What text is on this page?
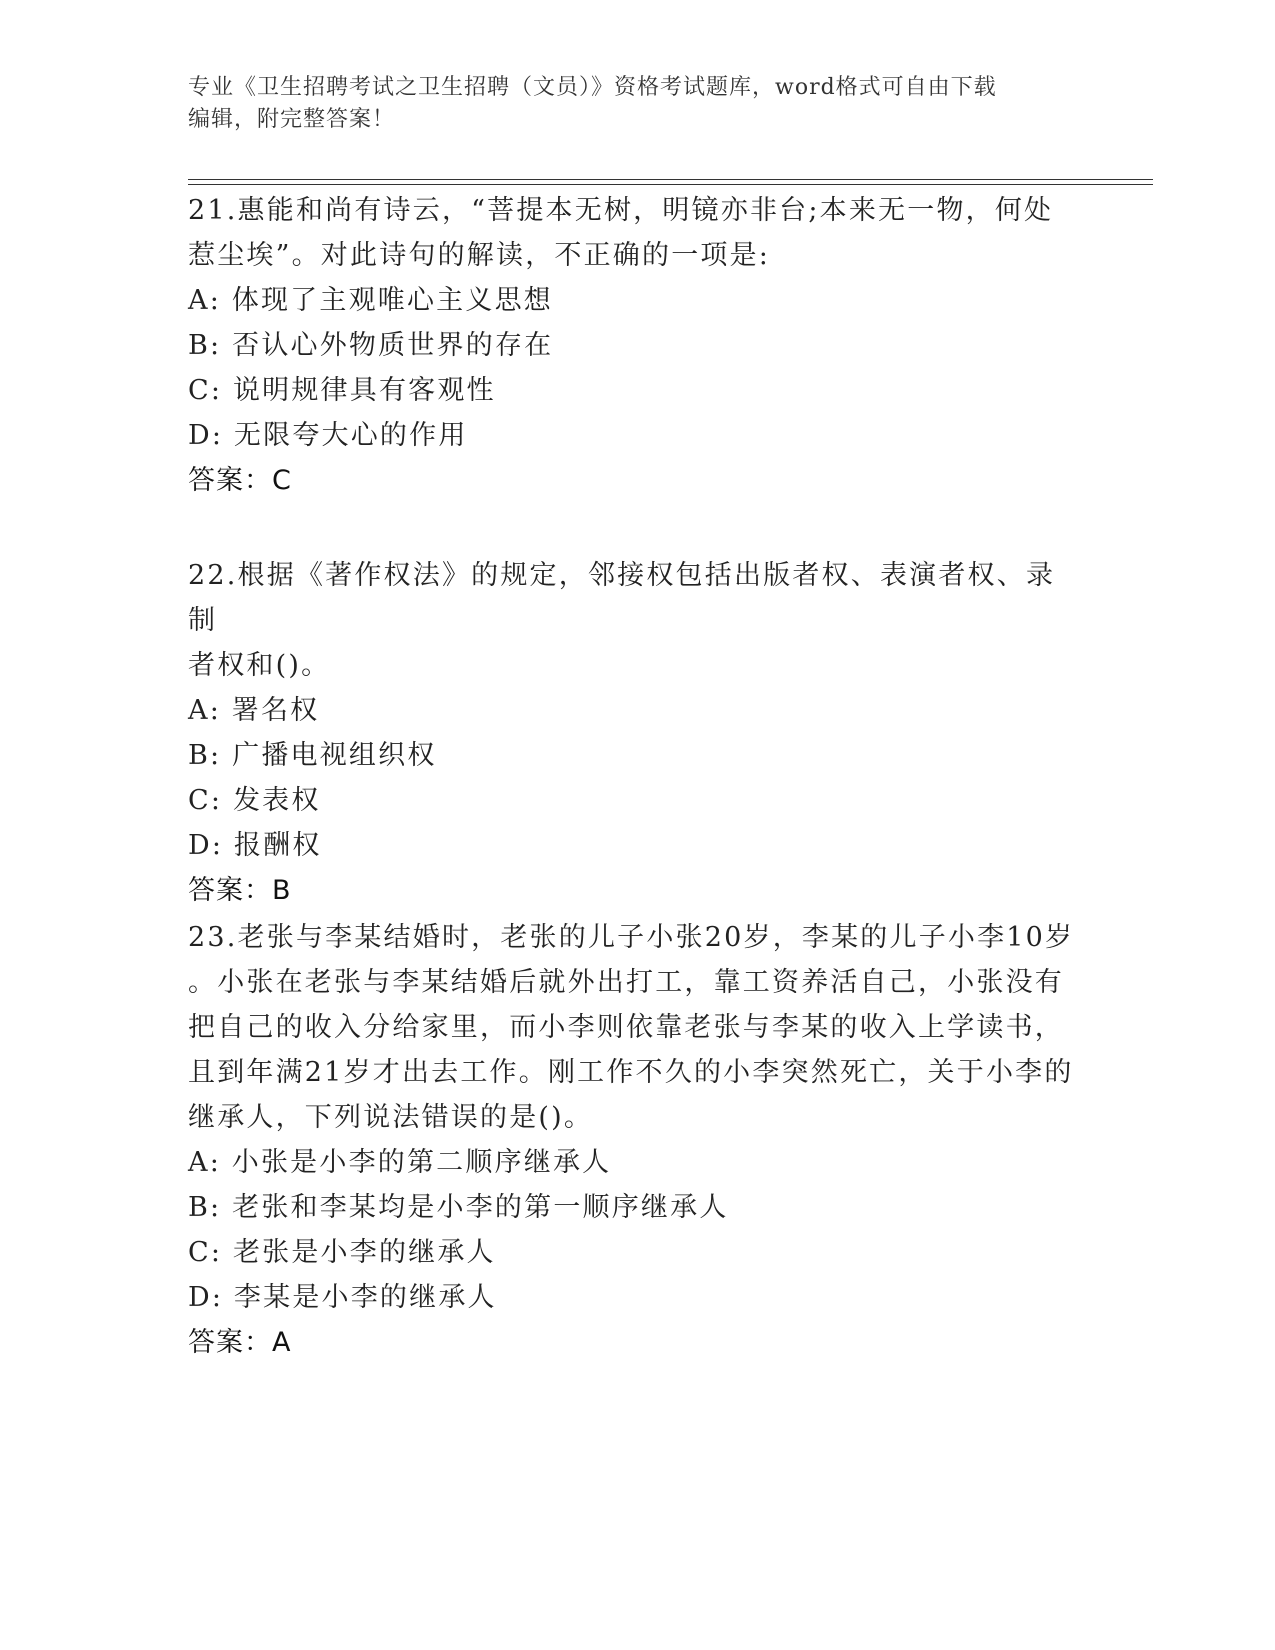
专业《卫生招聘考试之卫生招聘（文员）》资格考试题库，word格式可自由下载
编辑，附完整答案！

21.惠能和尚有诗云，“菩提本无树，明镜亦非台;本来无一物，何处

惹尘埃”。对此诗句的解读，不正确的一项是:

A: 体现了主观唯心主义思想

B: 否认心外物质世界的存在

C: 说明规律具有客观性

D: 无限夸大心的作用

答案：C

22.根据《著作权法》的规定，邻接权包括出版者权、表演者权、录制

者权和()。

A: 署名权

B: 广播电视组织权

C: 发表权

D: 报酬权

答案：B

23.老张与李某结婚时，老张的儿子小张20岁，李某的儿子小李10岁

。小张在老张与李某结婚后就外出打工，靠工资养活自己，小张没有

把自己的收入分给家里，而小李则依靠老张与李某的收入上学读书，

且到年满21岁才出去工作。刚工作不久的小李突然死亡，关于小李的

继承人，下列说法错误的是()。

A: 小张是小李的第二顺序继承人

B: 老张和李某均是小李的第一顺序继承人

C: 老张是小李的继承人

D: 李某是小李的继承人

答案：A
